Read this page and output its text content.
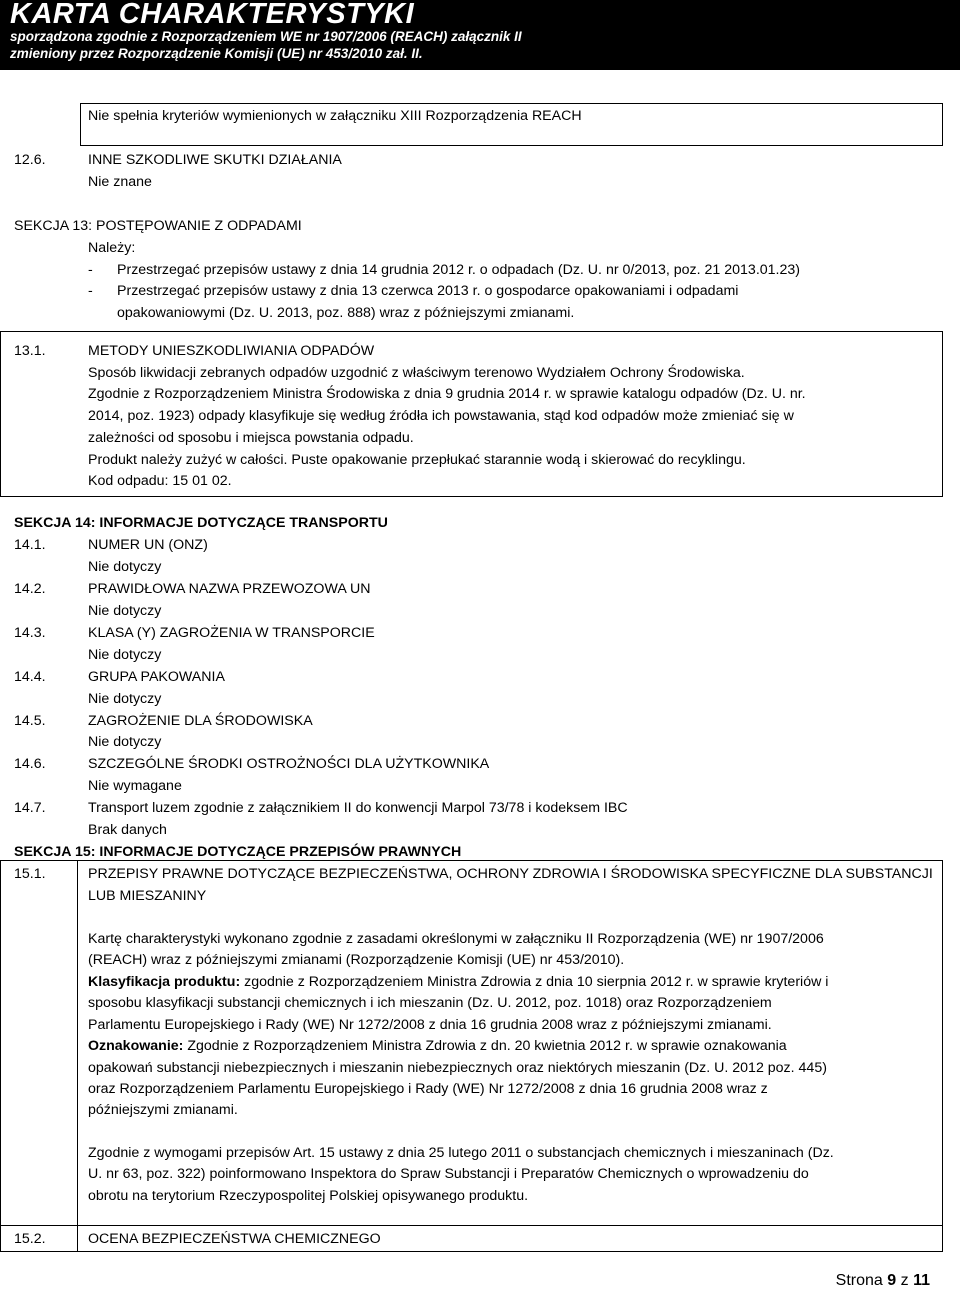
KARTA CHARAKTERYSTYKI
sporządzona zgodnie z Rozporządzeniem WE nr 1907/2006 (REACH) załącznik II
zmieniony przez Rozporządzenie Komisji (UE) nr 453/2010 zał. II.
Nie spełnia kryteriów wymienionych w załączniku XIII Rozporządzenia REACH
12.6.	INNE SZKODLIWE SKUTKI DZIAŁANIA
Nie znane
SEKCJA 13: POSTĘPOWANIE Z ODPADAMI
Należy:
- Przestrzegać przepisów ustawy z dnia 14 grudnia 2012 r. o odpadach (Dz. U. nr 0/2013, poz. 21 2013.01.23)
- Przestrzegać przepisów ustawy z dnia 13 czerwca 2013 r. o gospodarce opakowaniami i odpadami
opakowaniowymi (Dz. U. 2013, poz. 888) wraz z późniejszymi zmianami.
13.1.	METODY UNIESZKODLIWIANIA ODPADÓW
Sposób likwidacji zebranych odpadów uzgodnić z właściwym terenowo Wydziałem Ochrony Środowiska.
Zgodnie z Rozporządzeniem Ministra Środowiska z dnia 9 grudnia 2014 r. w sprawie katalogu odpadów (Dz. U. nr.
2014, poz. 1923) odpady klasyfikuje się według źródła ich powstawania, stąd kod odpadów może zmieniać się w
zależności od sposobu i miejsca powstania odpadu.
Produkt należy zużyć w całości. Puste opakowanie przepłukać starannie wodą i skierować do recyklingu.
Kod odpadu: 15 01 02.
SEKCJA 14: INFORMACJE DOTYCZĄCE TRANSPORTU
14.1.	NUMER UN (ONZ)
Nie dotyczy
14.2.	PRAWIDŁOWA NAZWA PRZEWOZOWA UN
Nie dotyczy
14.3.	KLASA (Y) ZAGROŻENIA W TRANSPORCIE
Nie dotyczy
14.4.	GRUPA PAKOWANIA
Nie dotyczy
14.5.	ZAGROŻENIE DLA ŚRODOWISKA
Nie dotyczy
14.6.	SZCZEGÓLNE ŚRODKI OSTROŻNOŚCI DLA UŻYTKOWNIKA
Nie wymagane
14.7.	Transport luzem zgodnie z załącznikiem II do konwencji Marpol 73/78 i kodeksem IBC
Brak danych
SEKCJA 15: INFORMACJE DOTYCZĄCE PRZEPISÓW PRAWNYCH
15.1.	PRZEPISY PRAWNE DOTYCZĄCE BEZPIECZEŃSTWA, OCHRONY ZDROWIA I ŚRODOWISKA SPECYFICZNE DLA SUBSTANCJI
LUB MIESZANINY
Kartę charakterystyki wykonano zgodnie z zasadami określonymi w załączniku II Rozporządzenia (WE) nr 1907/2006
(REACH) wraz z późniejszymi zmianami (Rozporządzenie Komisji (UE) nr 453/2010).
Klasyfikacja produktu: zgodnie z Rozporządzeniem Ministra Zdrowia z dnia 10 sierpnia 2012 r. w sprawie kryteriów i
sposobu klasyfikacji substancji chemicznych i ich mieszanin (Dz. U. 2012, poz. 1018) oraz Rozporządzeniem
Parlamentu Europejskiego i Rady (WE) Nr 1272/2008 z dnia 16 grudnia 2008 wraz z późniejszymi zmianami.
Oznakowanie: Zgodnie z Rozporządzeniem Ministra Zdrowia z dn. 20 kwietnia 2012 r. w sprawie oznakowania
opakowań substancji niebezpiecznych i mieszanin niebezpiecznych oraz niektórych mieszanin (Dz. U. 2012 poz. 445)
oraz Rozporządzeniem Parlamentu Europejskiego i Rady (WE) Nr 1272/2008 z dnia 16 grudnia 2008 wraz z
późniejszymi zmianami.
Zgodnie z wymogami przepisów Art. 15 ustawy z dnia 25 lutego 2011 o substancjach chemicznych i mieszaninach (Dz.
U. nr 63, poz. 322) poinformowano Inspektora do Spraw Substancji i Preparatów Chemicznych o wprowadzeniu do
obrotu na terytorium Rzeczypospolitej Polskiej opisywanego produktu.
15.2.	OCENA BEZPIECZEŃSTWA CHEMICZNEGO
Strona 9 z 11
